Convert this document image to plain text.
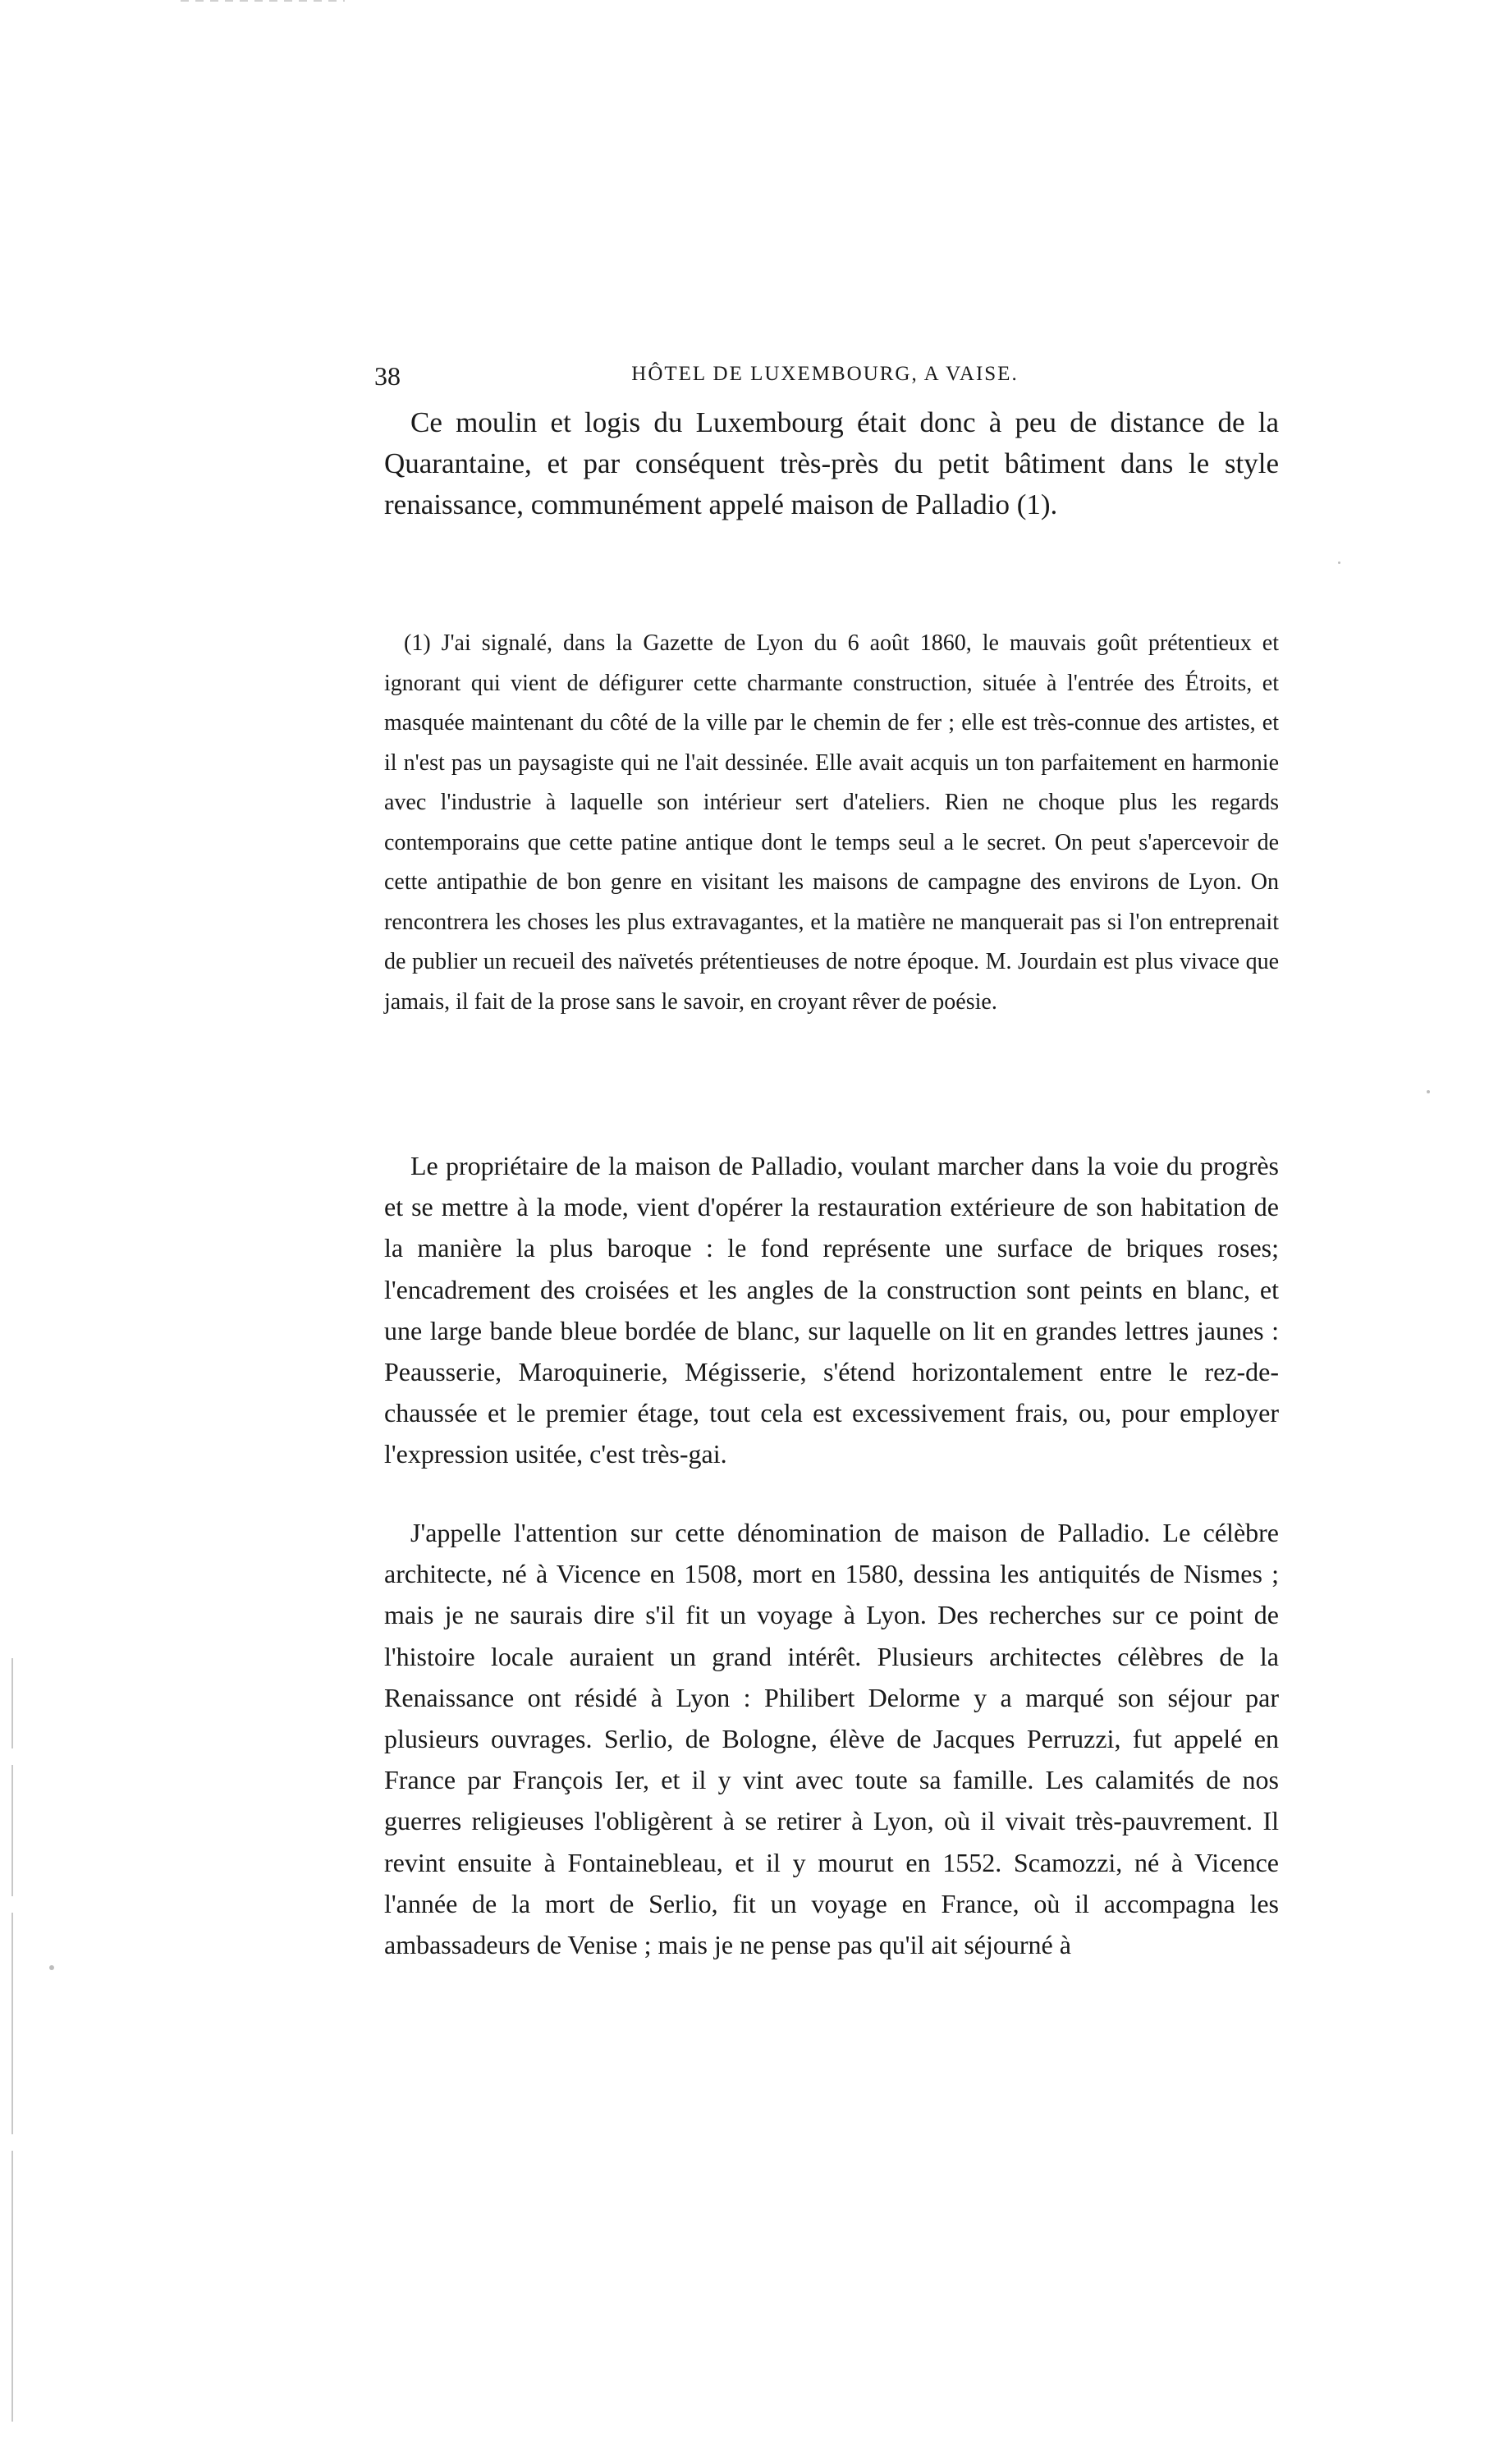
38	HÔTEL DE LUXEMBOURG, A VAISE.

Ce moulin et logis du Luxembourg était donc à peu de distance de la Quarantaine, et par conséquent très-près du petit bâtiment dans le style renaissance, communément appelé maison de Palladio (1).

(1) J'ai signalé, dans la Gazette de Lyon du 6 août 1860, le mauvais goût prétentieux et ignorant qui vient de défigurer cette charmante construction, située à l'entrée des Étroits, et masquée maintenant du côté de la ville par le chemin de fer ; elle est très-connue des artistes, et il n'est pas un paysagiste qui ne l'ait dessinée. Elle avait acquis un ton parfaitement en harmonie avec l'industrie à laquelle son intérieur sert d'ateliers. Rien ne choque plus les regards contemporains que cette patine antique dont le temps seul a le secret. On peut s'apercevoir de cette antipathie de bon genre en visitant les maisons de campagne des environs de Lyon. On rencontrera les choses les plus extravagantes, et la matière ne manquerait pas si l'on entreprenait de publier un recueil des naïvetés prétentieuses de notre époque. M. Jourdain est plus vivace que jamais, il fait de la prose sans le savoir, en croyant rêver de poésie.

Le propriétaire de la maison de Palladio, voulant marcher dans la voie du progrès et se mettre à la mode, vient d'opérer la restauration extérieure de son habitation de la manière la plus baroque : le fond représente une surface de briques roses; l'encadrement des croisées et les angles de la construction sont peints en blanc, et une large bande bleue bordée de blanc, sur laquelle on lit en grandes lettres jaunes : Peausserie, Maroquinerie, Mégisserie, s'étend horizontalement entre le rez-de-chaussée et le premier étage, tout cela est excessivement frais, ou, pour employer l'expression usitée, c'est très-gai.

J'appelle l'attention sur cette dénomination de maison de Palladio. Le célèbre architecte, né à Vicence en 1508, mort en 1580, dessina les antiquités de Nismes ; mais je ne saurais dire s'il fit un voyage à Lyon. Des recherches sur ce point de l'histoire locale auraient un grand intérêt. Plusieurs architectes célèbres de la Renaissance ont résidé à Lyon : Philibert Delorme y a marqué son séjour par plusieurs ouvrages. Serlio, de Bologne, élève de Jacques Perruzzi, fut appelé en France par François Ier, et il y vint avec toute sa famille. Les calamités de nos guerres religieuses l'obligèrent à se retirer à Lyon, où il vivait très-pauvrement. Il revint ensuite à Fontainebleau, et il y mourut en 1552. Scamozzi, né à Vicence l'année de la mort de Serlio, fit un voyage en France, où il accompagna les ambassadeurs de Venise ; mais je ne pense pas qu'il ait séjourné à
